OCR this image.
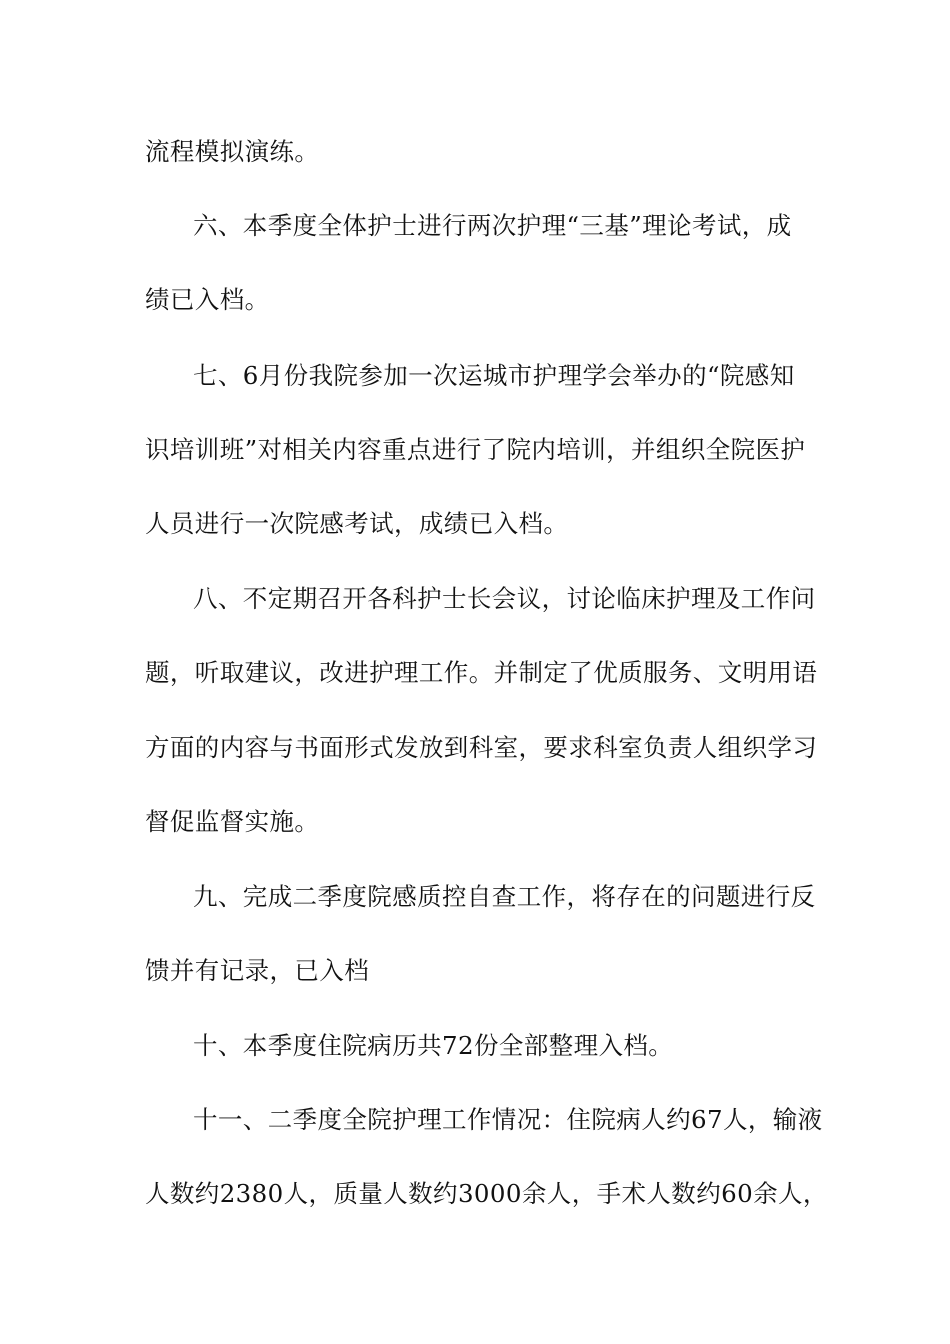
流程模拟演练。
六、本季度全体护士进行两次护理“三基”理论考试，成
绩已入档。
七、6月份我院参加一次运城市护理学会举办的“院感知
识培训班”对相关内容重点进行了院内培训，并组织全院医护
人员进行一次院感考试，成绩已入档。
八、不定期召开各科护士长会议，讨论临床护理及工作问
题，听取建议，改进护理工作。并制定了优质服务、文明用语
方面的内容与书面形式发放到科室，要求科室负责人组织学习
督促监督实施。
九、完成二季度院感质控自查工作，将存在的问题进行反
馈并有记录，已入档
十、本季度住院病历共72份全部整理入档。
十一、二季度全院护理工作情况：住院病人约67人，输液
人数约2380人，质量人数约3000余人，手术人数约60余人，
